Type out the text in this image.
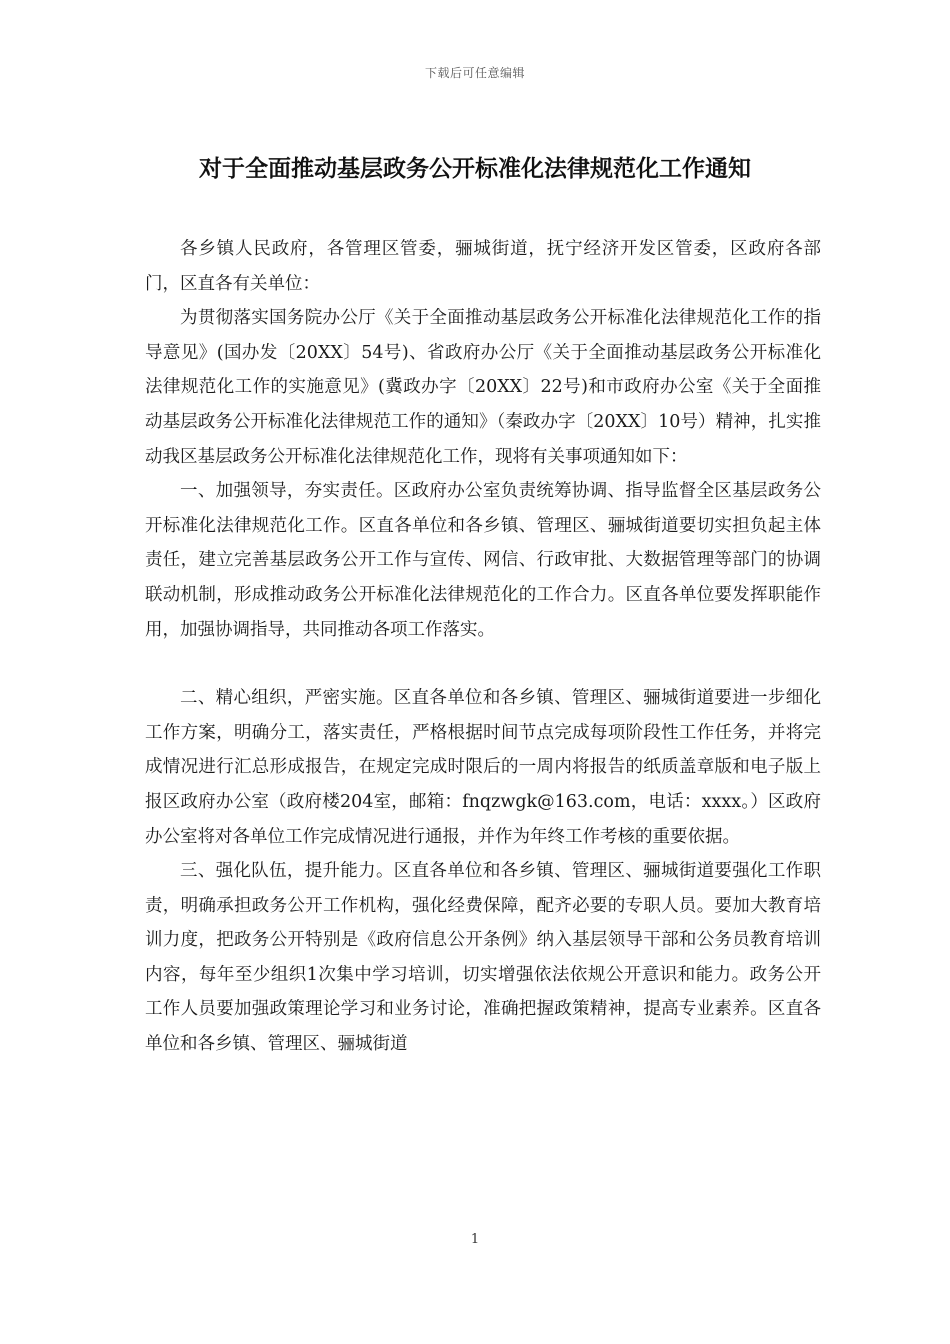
下载后可任意编辑
对于全面推动基层政务公开标准化法律规范化工作通知

各乡镇人民政府，各管理区管委，骊城街道，抚宁经济开发区管委，区政府各部门，区直各有关单位：

为贯彻落实国务院办公厅《关于全面推动基层政务公开标准化法律规范化工作的指导意见》(国办发〔20XX〕54号)、省政府办公厅《关于全面推动基层政务公开标准化法律规范化工作的实施意见》(冀政办字〔20XX〕22号)和市政府办公室《关于全面推动基层政务公开标准化法律规范工作的通知》（秦政办字〔20XX〕10号）精神，扎实推动我区基层政务公开标准化法律规范化工作，现将有关事项通知如下：

一、加强领导，夯实责任。区政府办公室负责统筹协调、指导监督全区基层政务公开标准化法律规范化工作。区直各单位和各乡镇、管理区、骊城街道要切实担负起主体责任，建立完善基层政务公开工作与宣传、网信、行政审批、大数据管理等部门的协调联动机制，形成推动政务公开标准化法律规范化的工作合力。区直各单位要发挥职能作用，加强协调指导，共同推动各项工作落实。

二、精心组织，严密实施。区直各单位和各乡镇、管理区、骊城街道要进一步细化工作方案，明确分工，落实责任，严格根据时间节点完成每项阶段性工作任务，并将完成情况进行汇总形成报告，在规定完成时限后的一周内将报告的纸质盖章版和电子版上报区政府办公室（政府楼204室，邮箱：fnqzwgk@163.com，电话：xxxx。）区政府办公室将对各单位工作完成情况进行通报，并作为年终工作考核的重要依据。

三、强化队伍，提升能力。区直各单位和各乡镇、管理区、骊城街道要强化工作职责，明确承担政务公开工作机构，强化经费保障，配齐必要的专职人员。要加大教育培训力度，把政务公开特别是《政府信息公开条例》纳入基层领导干部和公务员教育培训内容，每年至少组织1次集中学习培训，切实增强依法依规公开意识和能力。政务公开工作人员要加强政策理论学习和业务讨论，准确把握政策精神，提高专业素养。区直各单位和各乡镇、管理区、骊城街道

1
